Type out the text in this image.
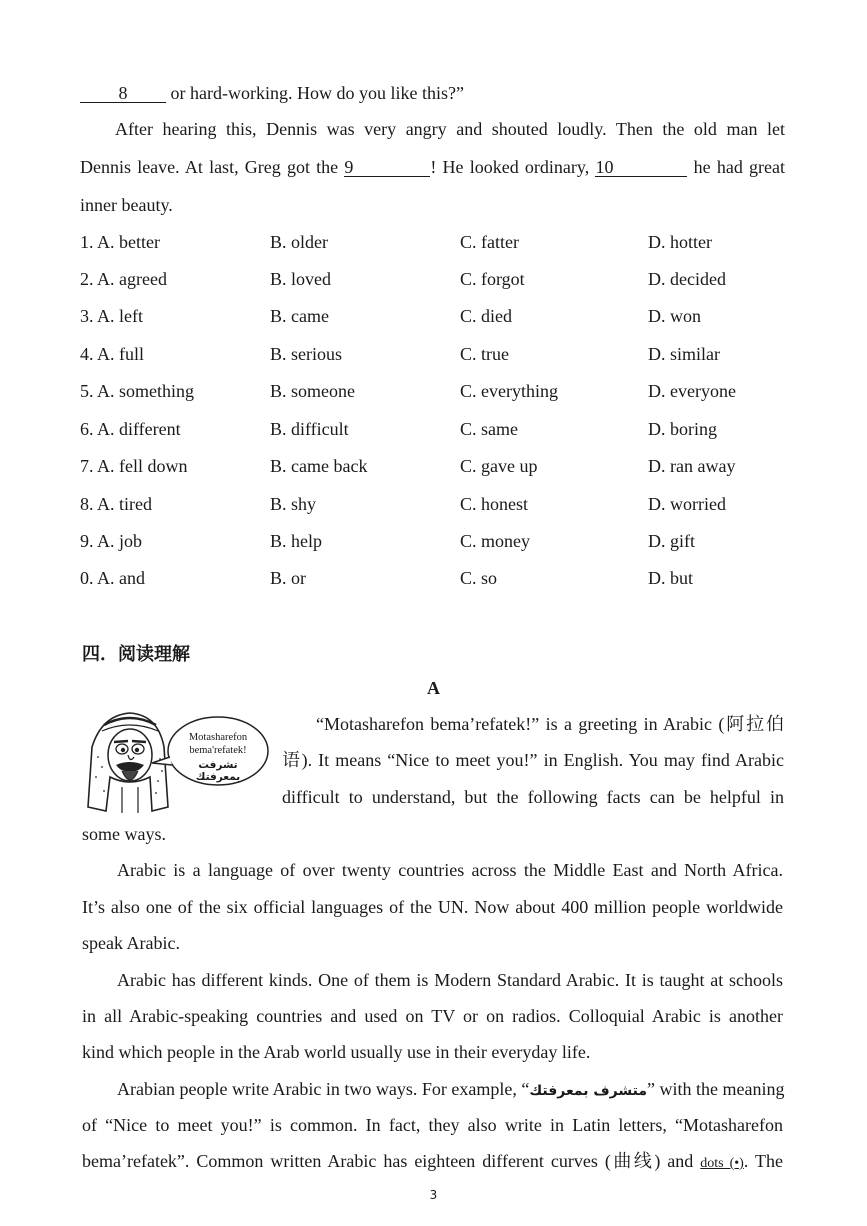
8 or hard-working. How do you like this?”
After hearing this, Dennis was very angry and shouted loudly. Then the old man let
Dennis leave. At last, Greg got the 9	! He looked ordinary, 10	he had great
inner beauty.
1. A. better	B. older	C. fatter	D. hotter
2. A. agreed	B. loved	C. forgot	D. decided
3. A. left	B. came	C. died	D. won
4. A. full	B. serious	C. true	D. similar
5. A. something	B. someone	C. everything	D. everyone
6. A. different	B. difficult	C. same	D. boring
7. A. fell down	B. came back	C. gave up	D. ran away
8. A. tired	B. shy	C. honest	D. worried
9. A. job	B. help	C. money	D. gift
0. A. and	B. or	C. so	D. but
四．阅读理解
A
Motasharefon
bema'refatek!
تشرفت بمعرفتك
“Motasharefon bema’refatek!” is a greeting in Arabic (阿拉伯
语). It means “Nice to meet you!” in English. You may find Arabic
difficult to understand, but the following facts can be helpful in
some ways.
Arabic is a language of over twenty countries across the Middle East and North Africa.
It’s also one of the six official languages of the UN. Now about 400 million people worldwide
speak Arabic.
Arabic has different kinds. One of them is Modern Standard Arabic. It is taught at schools
in all Arabic-speaking countries and used on TV or on radios. Colloquial Arabic is another
kind which people in the Arab world usually use in their everyday life.
Arabian people write Arabic in two ways. For example, “متشرف بمعرفتك” with the meaning
of “Nice to meet you!” is common. In fact, they also write in Latin letters, “Motasharefon
bema’refatek”. Common written Arabic has eighteen different curves (曲线) and dots (•). The
3
